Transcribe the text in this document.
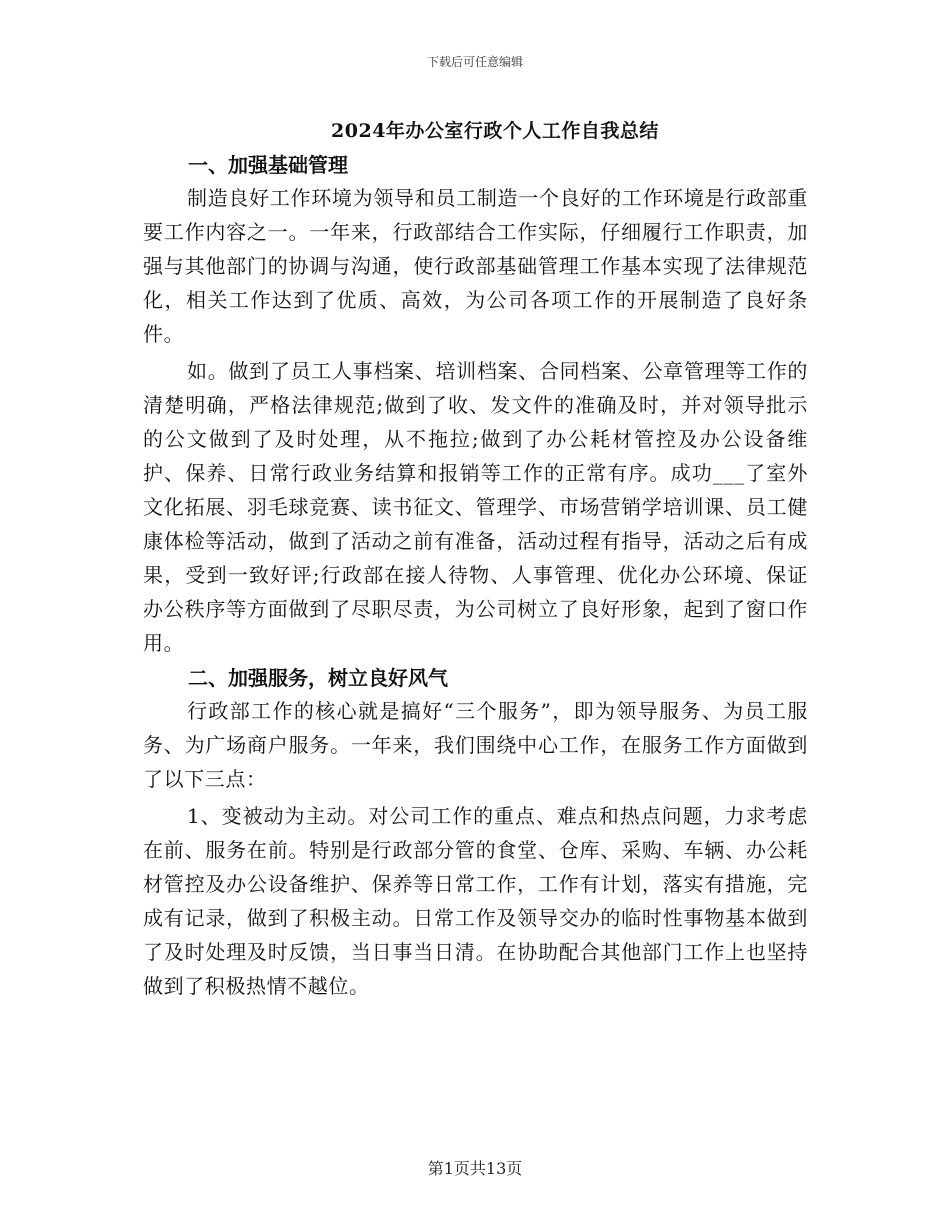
下载后可任意编辑
2024年办公室行政个人工作自我总结

一、加强基础管理

制造良好工作环境为领导和员工制造一个良好的工作环境是行政部重要工作内容之一。一年来，行政部结合工作实际，仔细履行工作职责，加强与其他部门的协调与沟通，使行政部基础管理工作基本实现了法律规范化，相关工作达到了优质、高效，为公司各项工作的开展制造了良好条件。

如。做到了员工人事档案、培训档案、合同档案、公章管理等工作的清楚明确，严格法律规范;做到了收、发文件的准确及时，并对领导批示的公文做到了及时处理，从不拖拉;做到了办公耗材管控及办公设备维护、保养、日常行政业务结算和报销等工作的正常有序。成功___了室外文化拓展、羽毛球竞赛、读书征文、管理学、市场营销学培训课、员工健康体检等活动，做到了活动之前有准备，活动过程有指导，活动之后有成果，受到一致好评;行政部在接人待物、人事管理、优化办公环境、保证办公秩序等方面做到了尽职尽责，为公司树立了良好形象，起到了窗口作用。

二、加强服务，树立良好风气

行政部工作的核心就是搞好“三个服务”，即为领导服务、为员工服务、为广场商户服务。一年来，我们围绕中心工作，在服务工作方面做到了以下三点：

1、变被动为主动。对公司工作的重点、难点和热点问题，力求考虑在前、服务在前。特别是行政部分管的食堂、仓库、采购、车辆、办公耗材管控及办公设备维护、保养等日常工作，工作有计划，落实有措施，完成有记录，做到了积极主动。日常工作及领导交办的临时性事物基本做到了及时处理及时反馈，当日事当日清。在协助配合其他部门工作上也坚持做到了积极热情不越位。

第1页共13页
